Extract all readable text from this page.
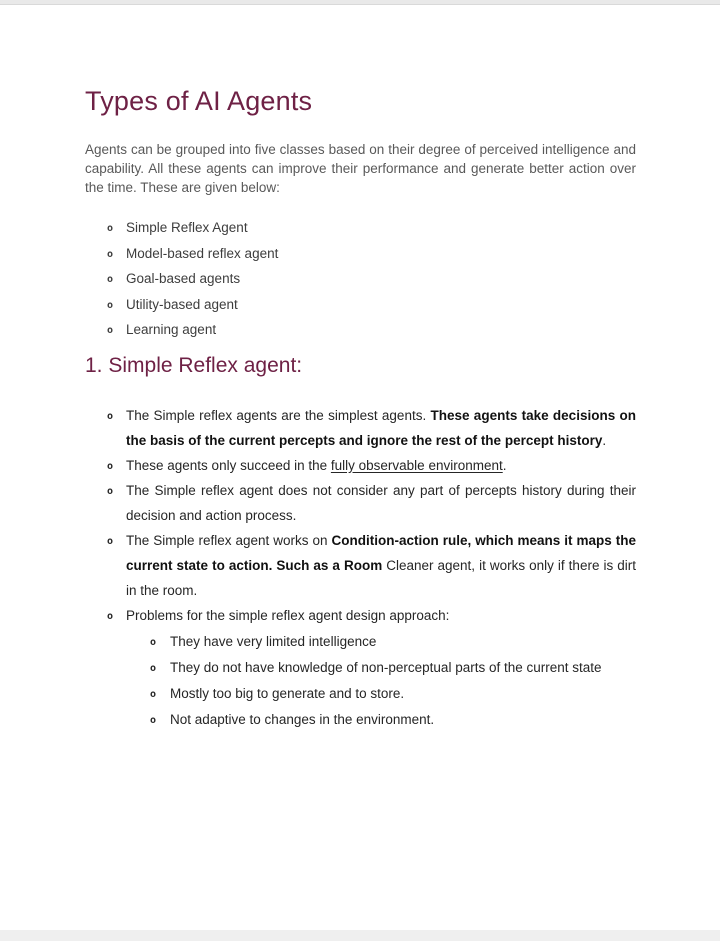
Types of AI Agents

Agents can be grouped into five classes based on their degree of perceived intelligence and capability. All these agents can improve their performance and generate better action over the time. These are given below:

o Simple Reflex Agent
o Model-based reflex agent
o Goal-based agents
o Utility-based agent
o Learning agent
1. Simple Reflex agent:
o The Simple reflex agents are the simplest agents. These agents take decisions on the basis of the current percepts and ignore the rest of the percept history.
o These agents only succeed in the fully observable environment.
o The Simple reflex agent does not consider any part of percepts history during their decision and action process.
o The Simple reflex agent works on Condition-action rule, which means it maps the current state to action. Such as a Room Cleaner agent, it works only if there is dirt in the room.
o Problems for the simple reflex agent design approach:
o	They have very limited intelligence
o	They do not have knowledge of non-perceptual parts of the current state
o	Mostly too big to generate and to store.
o	Not adaptive to changes in the environment.
